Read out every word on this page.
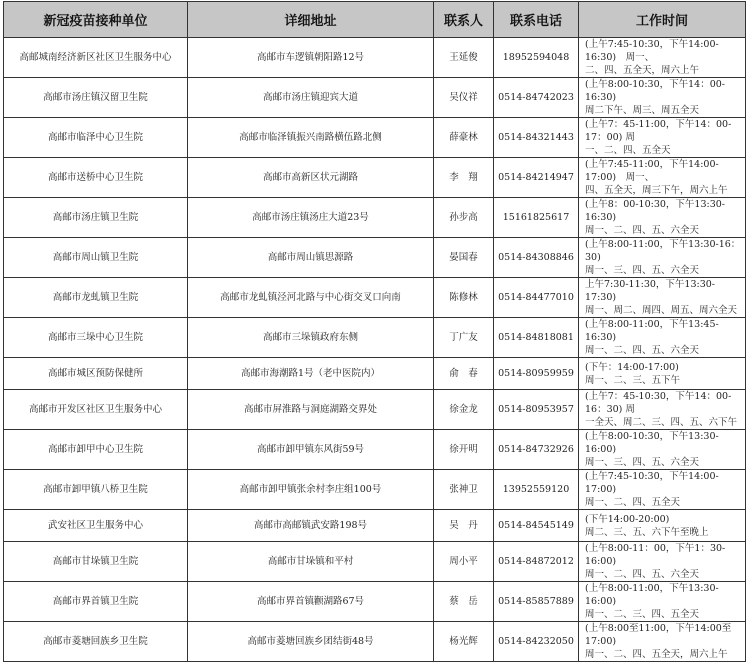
新冠疫苗接种单位	详细地址	联系人	联系电话	工作时间
高邮城南经济新区社区卫生服务中心	高邮市车逻镇朝阳路12号	王延俊	18952594048	(上午7:45-10:30，下午14:00-16:30)　周一、
二、四、五全天，周六上午

高邮市汤庄镇汉留卫生院	高邮市汤庄镇迎宾大道	吴仪祥	0514-84742023	(上午8:00-10:30，下午14：00-16:30)
周二下午、周三、周五全天

高邮市临泽中心卫生院	高邮市临泽镇振兴南路横伍路北侧	薛豪林	0514-84321443	(上午7：45-11:00，下午14：00-17：00) 周
一、二、四、五全天

高邮市送桥中心卫生院	高邮市高新区状元湖路	李　翔	0514-84214947	(上午7:45-11:00，下午14:00-17:00)　周一、
四、五全天，周三下午，周六上午

高邮市汤庄镇卫生院	高邮市汤庄镇汤庄大道23号	孙步高	15161825617	(上午8：00-10:30，下午13:30-16:30)
周一、二、四、五、六全天

高邮市周山镇卫生院	高邮市周山镇思源路	晏国春	0514-84308846	(上午8:00-11:00，下午13:30-16：30)
周一、三、四、五、六全天

高邮市龙虬镇卫生院	高邮市龙虬镇泾河北路与中心街交叉口向南	陈修林	0514-84477010	上午7:30-11:30，下午13:30-17:30)
周一、周二、周四、周五、周六全天

高邮市三垛中心卫生院	高邮市三垛镇政府东侧	丁广友	0514-84818081	(上午8:00-11:00，下午13:45-16:30)
周一、二、四、五、六全天

高邮市城区预防保健所	高邮市海潮路1号（老中医院内）	俞　春	0514-80959959	(下午：14:00-17:00)
周一、二、三、五下午

高邮市开发区社区卫生服务中心	高邮市屏淮路与洞庭湖路交界处	徐金龙	0514-80953957	(上午7：45-10:30，下午14：00-16：30) 周
一全天、周二、三、四、五、六下午

高邮市卸甲中心卫生院	高邮市卸甲镇东风街59号	徐开明	0514-84732926	(上午8:00-10:30，下午13:30-16:00)
周一、三、四、五、六全天

高邮市卸甲镇八桥卫生院	高邮市卸甲镇张余村李庄组100号	张神卫	13952559120	(上午7:45-10:30，下午14:00-17:00)
周一、二、四、五全天

武安社区卫生服务中心	高邮市高邮镇武安路198号	吴　丹	0514-84545149	(下午14:00-20:00)
周二、三、五、六下午至晚上

高邮市甘垛镇卫生院	高邮市甘垛镇和平村	周小平	0514-84872012	(上午8:00-11：00，下午1：30-16:00)
周一、二、四、五、六全天

高邮市界首镇卫生院	高邮市界首镇颧湖路67号	蔡　岳	0514-85857889	(上午8:00-11:00，下午13:30-16:00)
周一、二、三、四、五全天

高邮市菱塘回族乡卫生院	高邮市菱塘回族乡团结街48号	杨光辉	0514-84232050	(上午8:00至11:00，下午14:00至17:00)
周一、二、四、五全天，周六上午
